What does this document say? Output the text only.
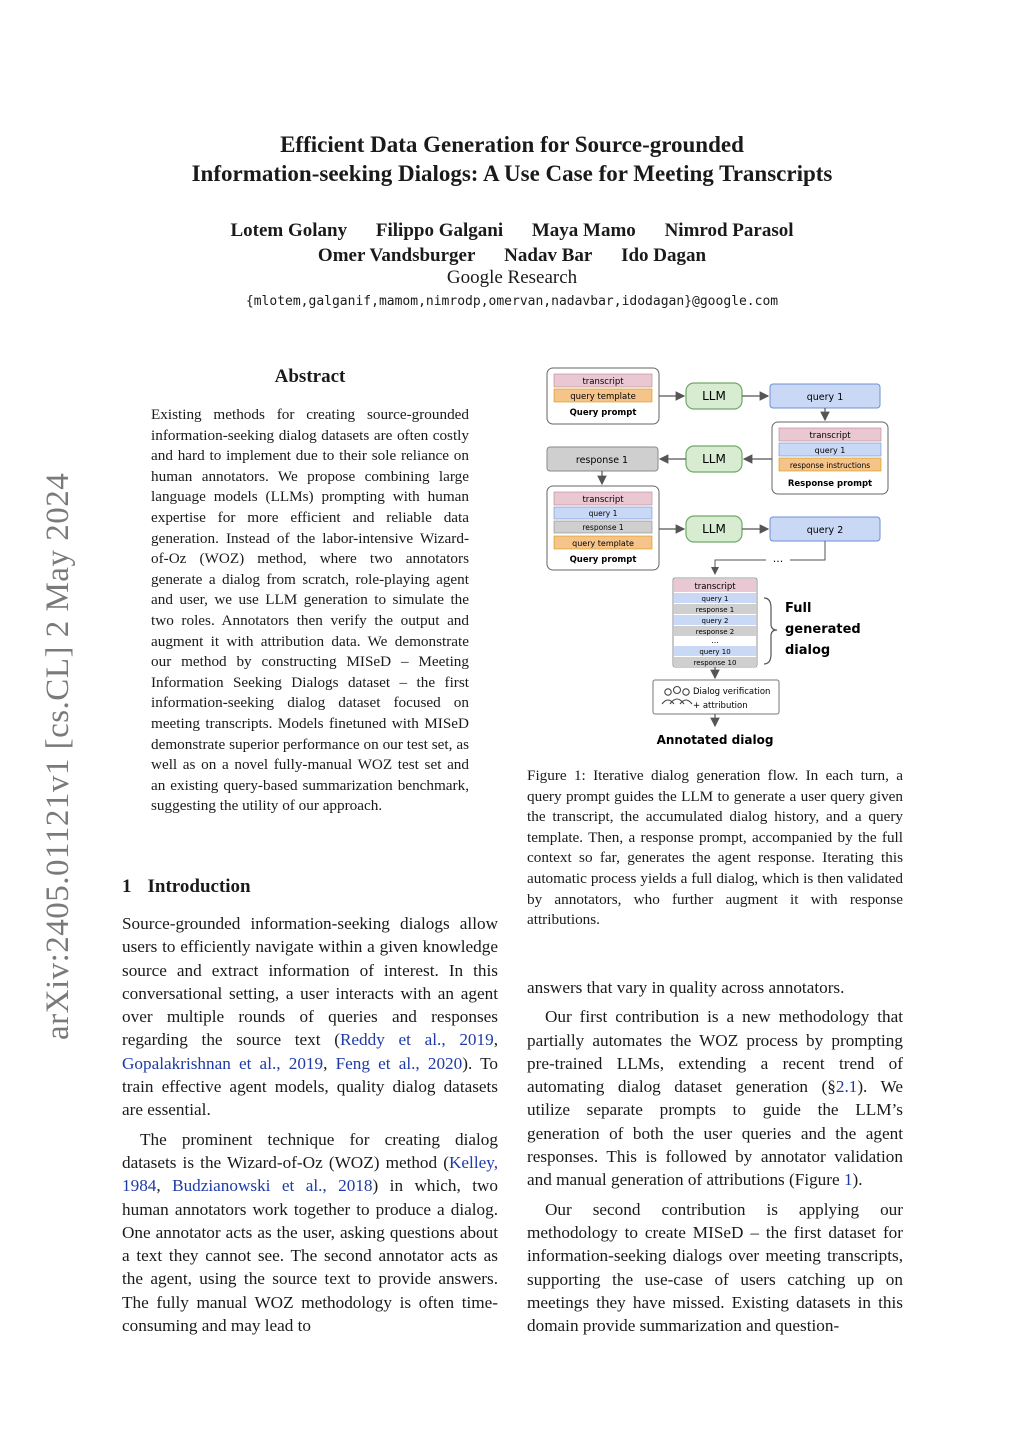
arXiv:2405.01121v1 [cs.CL] 2 May 2024
Efficient Data Generation for Source-grounded
Information-seeking Dialogs: A Use Case for Meeting Transcripts
Lotem Golany Filippo Galgani Maya Mamo Nimrod Parasol
Omer Vandsburger Nadav Bar Ido Dagan
Google Research
{mlotem,galganif,mamom,nimrodp,omervan,nadavbar,idodagan}@google.com
Abstract
Existing methods for creating source-grounded information-seeking dialog datasets are often costly and hard to implement due to their sole reliance on human annotators. We propose combining large language models (LLMs) prompting with human expertise for more efficient and reliable data generation. Instead of the labor-intensive Wizard-of-Oz (WOZ) method, where two annotators generate a dialog from scratch, role-playing agent and user, we use LLM generation to simulate the two roles. Annotators then verify the output and augment it with attribution data. We demonstrate our method by constructing MISeD – Meeting Information Seeking Dialogs dataset – the first information-seeking dialog dataset focused on meeting transcripts. Models finetuned with MISeD demonstrate superior performance on our test set, as well as on a novel fully-manual WOZ test set and an existing query-based summarization benchmark, suggesting the utility of our approach.
1 Introduction

Source-grounded information-seeking dialogs allow users to efficiently navigate within a given knowledge source and extract information of interest. In this conversational setting, a user interacts with an agent over multiple rounds of queries and responses regarding the source text (Reddy et al., 2019, Gopalakrishnan et al., 2019, Feng et al., 2020). To train effective agent models, quality dialog datasets are essential.

The prominent technique for creating dialog datasets is the Wizard-of-Oz (WOZ) method (Kelley, 1984, Budzianowski et al., 2018) in which, two human annotators work together to produce a dialog. One annotator acts as the user, asking questions about a text they cannot see. The second annotator acts as the agent, using the source text to provide answers. The fully manual WOZ methodology is often time-consuming and may lead to

transcript
query template
Query prompt
LLM	query 1
transcript
query 1
response instructions
Response prompt
LLM
response 1
transcript
query 1
response 1
query template
Query prompt
LLM	query 2
...
transcript
query 1
response 1
query 2
response 2
...
query 10
response 10
Full
generated
dialog
Dialog verification
+ attribution
Annotated dialog
Figure 1: Iterative dialog generation flow. In each turn, a query prompt guides the LLM to generate a user query given the transcript, the accumulated dialog history, and a query template. Then, a response prompt, accompanied by the full context so far, generates the agent response. Iterating this automatic process yields a full dialog, which is then validated by annotators, who further augment it with response attributions.

answers that vary in quality across annotators.

Our first contribution is a new methodology that partially automates the WOZ process by prompting pre-trained LLMs, extending a recent trend of automating dialog dataset generation (§2.1). We utilize separate prompts to guide the LLM’s generation of both the user queries and the agent responses. This is followed by annotator validation and manual generation of attributions (Figure 1).

Our second contribution is applying our methodology to create MISeD – the first dataset for information-seeking dialogs over meeting transcripts, supporting the use-case of users catching up on meetings they have missed. Existing datasets in this domain provide summarization and question-
